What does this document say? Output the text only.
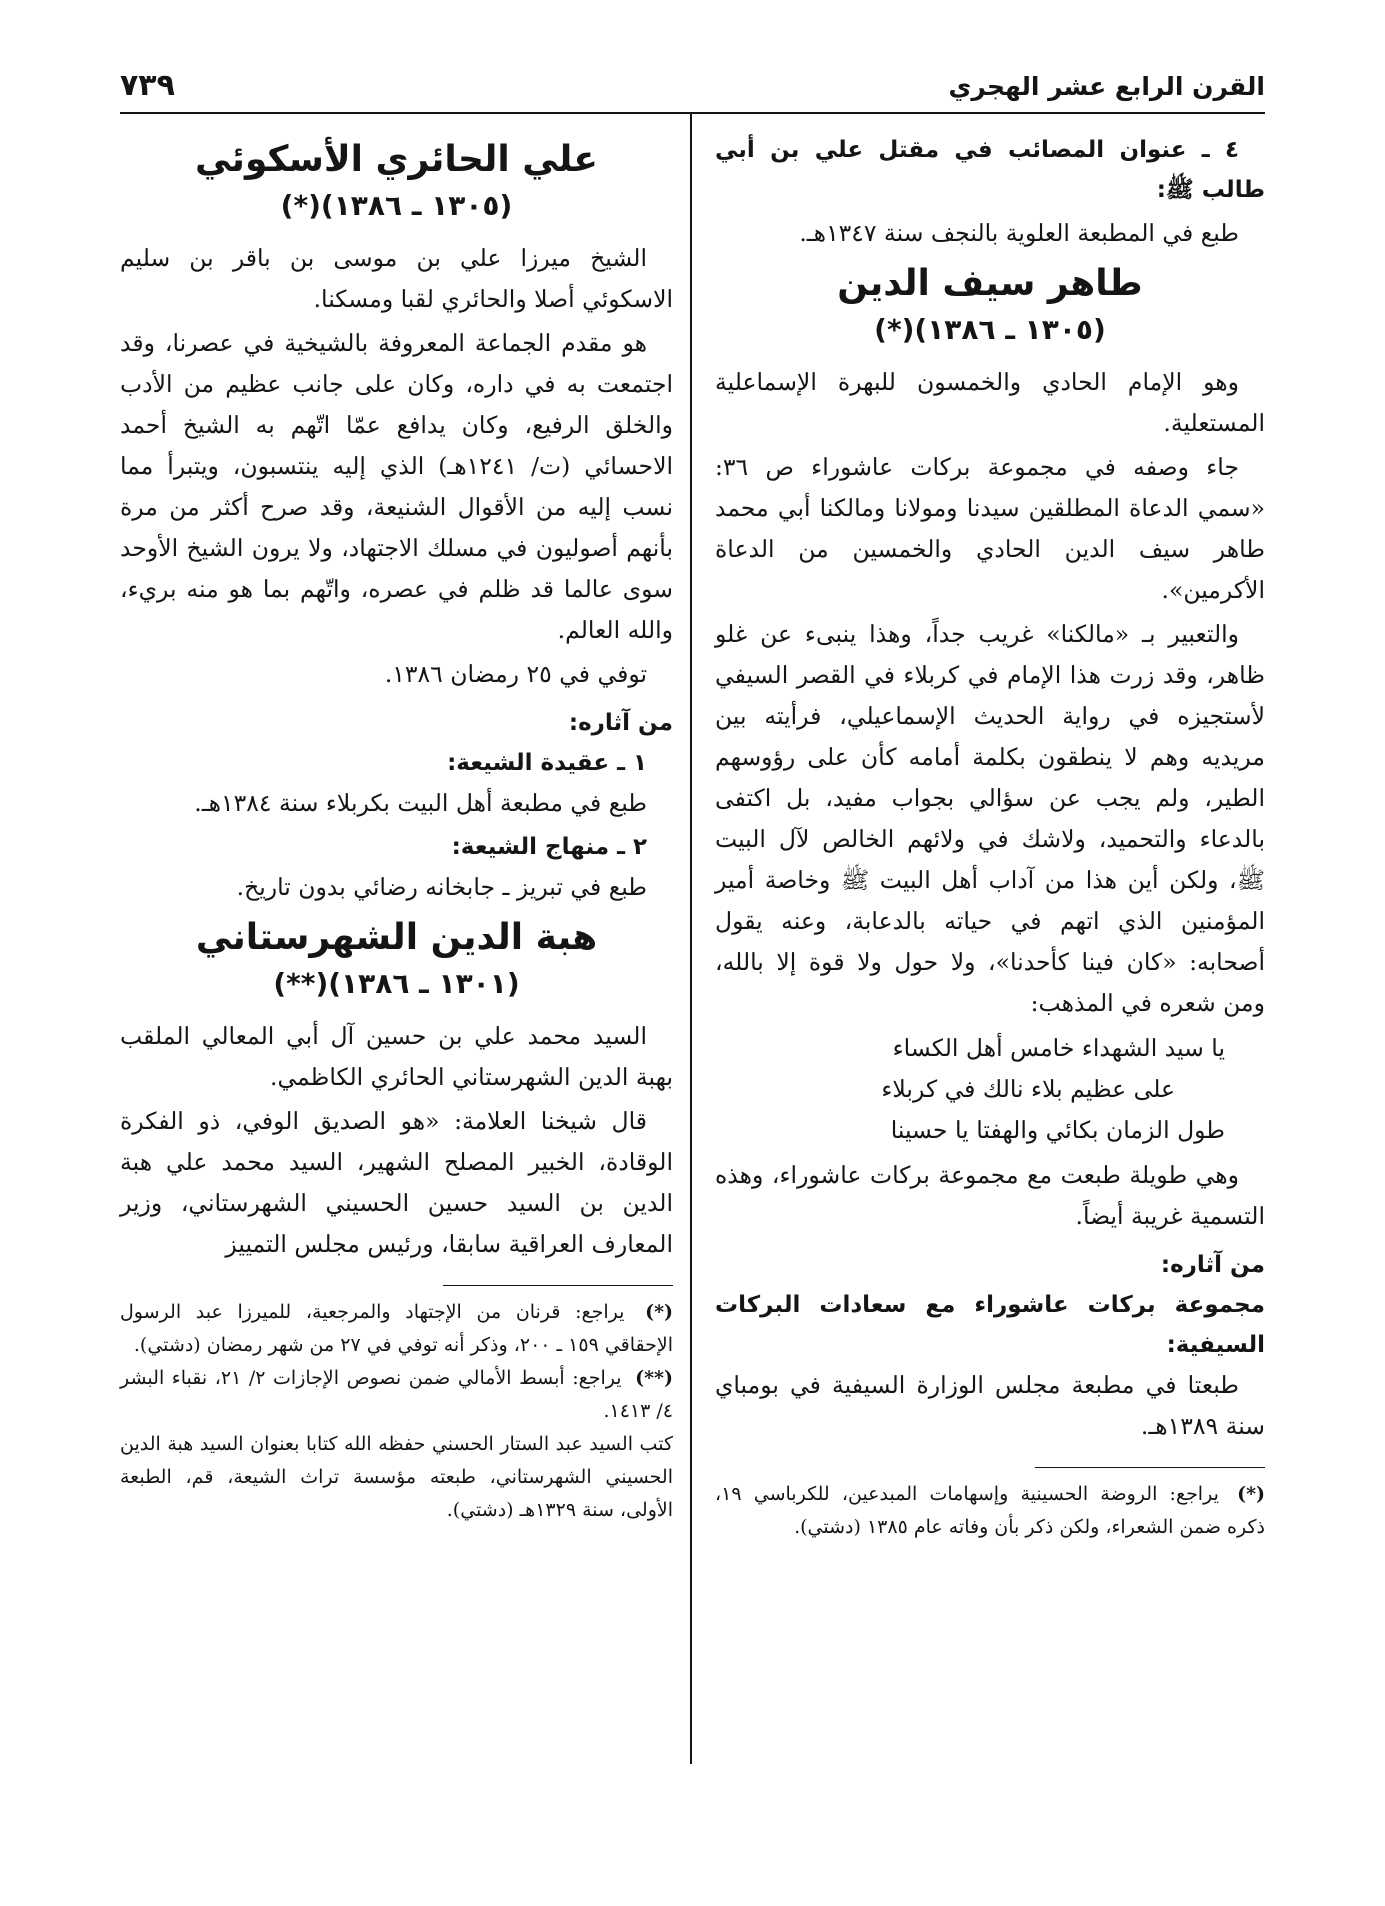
القرن الرابع عشر الهجري
٧٣٩

٤ ـ عنوان المصائب في مقتل علي بن أبي طالب ﷺ:

طبع في المطبعة العلوية بالنجف سنة ١٣٤٧هـ.

طاهر سيف الدين
(١٣٠٥ ـ ١٣٨٦)(*)

وهو الإمام الحادي والخمسون للبهرة الإسماعلية المستعلية.

جاء وصفه في مجموعة بركات عاشوراء ص ٣٦: «سمي الدعاة المطلقين سيدنا ومولانا ومالكنا أبي محمد طاهر سيف الدين الحادي والخمسين من الدعاة الأكرمين».

والتعبير بـ «مالكنا» غريب جداً، وهذا ينبىء عن غلو ظاهر، وقد زرت هذا الإمام في كربلاء في القصر السيفي لأستجيزه في رواية الحديث الإسماعيلي، فرأيته بين مريديه وهم لا ينطقون بكلمة أمامه كأن على رؤوسهم الطير، ولم يجب عن سؤالي بجواب مفيد، بل اكتفى بالدعاء والتحميد، ولاشك في ولائهم الخالص لآل البيت ﷺ، ولكن أين هذا من آداب أهل البيت ﷺ وخاصة أمير المؤمنين الذي اتهم في حياته بالدعابة، وعنه يقول أصحابه: «كان فينا كأحدنا»، ولا حول ولا قوة إلا بالله، ومن شعره في المذهب:

يا سيد الشهداء خامس أهل الكساء
على عظيم بلاء نالك في كربلاء
طول الزمان بكائي والهفتا يا حسينا

وهي طويلة طبعت مع مجموعة بركات عاشوراء، وهذه التسمية غريبة أيضاً.

من آثاره:
مجموعة بركات عاشوراء مع سعادات البركات السيفية:

طبعتا في مطبعة مجلس الوزارة السيفية في بومباي سنة ١٣٨٩هـ.

(*) يراجع: الروضة الحسينية وإسهامات المبدعين، للكرباسي ١٩، ذكره ضمن الشعراء، ولكن ذكر بأن وفاته عام ١٣٨٥ (دشتي).
علي الحائري الأسكوئي
(١٣٠٥ ـ ١٣٨٦)(*)

الشيخ ميرزا علي بن موسى بن باقر بن سليم الاسكوئي أصلا والحائري لقبا ومسكنا.

هو مقدم الجماعة المعروفة بالشيخية في عصرنا، وقد اجتمعت به في داره، وكان على جانب عظيم من الأدب والخلق الرفيع، وكان يدافع عمّا اتّهم به الشيخ أحمد الاحسائي (ت/ ١٢٤١هـ) الذي إليه ينتسبون، ويتبرأ مما نسب إليه من الأقوال الشنيعة، وقد صرح أكثر من مرة بأنهم أصوليون في مسلك الاجتهاد، ولا يرون الشيخ الأوحد سوى عالما قد ظلم في عصره، واتّهم بما هو منه بريء، والله العالم.

توفي في ٢٥ رمضان ١٣٨٦.

من آثاره:
١ ـ عقيدة الشيعة:

طبع في مطبعة أهل البيت بكربلاء سنة ١٣٨٤هـ.

٢ ـ منهاج الشيعة:

طبع في تبريز ـ جابخانه رضائي بدون تاريخ.

هبة الدين الشهرستاني
(١٣٠١ ـ ١٣٨٦)(**)

السيد محمد علي بن حسين آل أبي المعالي الملقب بهبة الدين الشهرستاني الحائري الكاظمي.

قال شيخنا العلامة: «هو الصديق الوفي، ذو الفكرة الوقادة، الخبير المصلح الشهير، السيد محمد علي هبة الدين بن السيد حسين الحسيني الشهرستاني، وزير المعارف العراقية سابقا، ورئيس مجلس التمييز

(*) يراجع: قرنان من الإجتهاد والمرجعية، للميرزا عبد الرسول الإحقاقي ١٥٩ ـ ٢٠٠، وذكر أنه توفي في ٢٧ من شهر رمضان (دشتي).
(**) يراجع: أبسط الأمالي ضمن نصوص الإجازات ٢/ ٢١، نقباء البشر ٤/ ١٤١٣.
كتب السيد عبد الستار الحسني حفظه الله كتابا بعنوان السيد هبة الدين الحسيني الشهرستاني، طبعته مؤسسة تراث الشيعة، قم، الطبعة الأولى، سنة ١٣٢٩هـ (دشتي).
